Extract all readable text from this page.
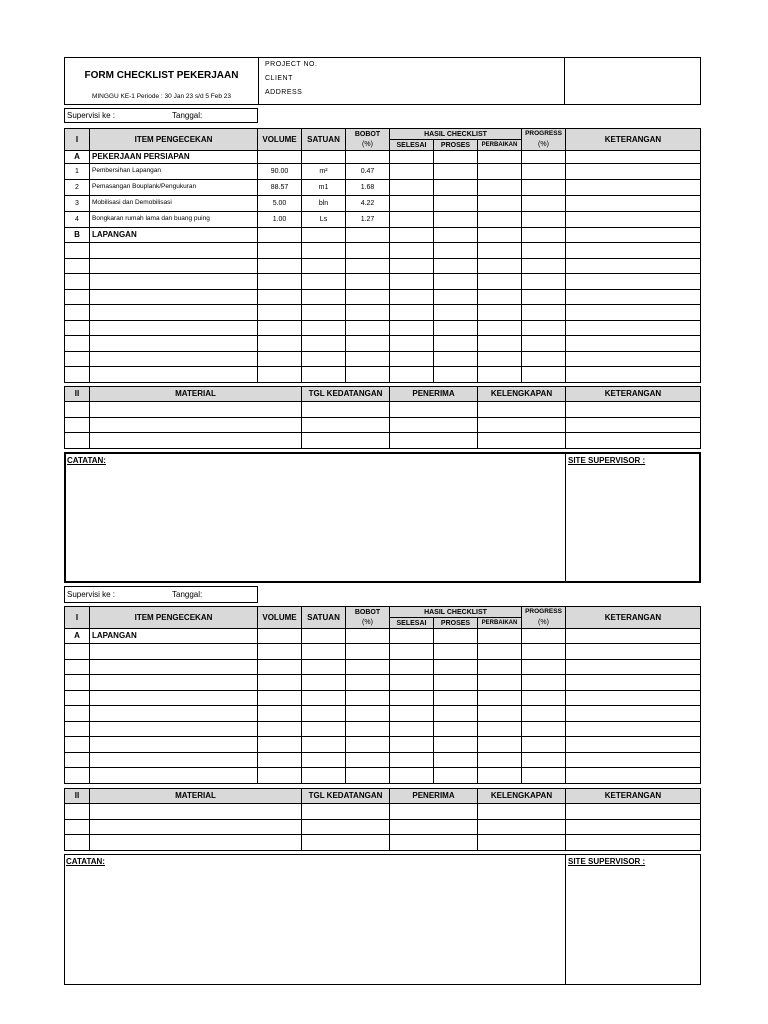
FORM CHECKLIST PEKERJAAN
MINGGU KE-1 Periode : 30 Jan 23 s/d 5 Feb 23

PROJECT NO.
CLIENT
ADDRESS

Supervisi ke :	Tanggal:
I	ITEM PENGECEKAN	VOLUME	SATUAN	BOBOT	HASIL CHECKLIST			PROGRESS	KETERANGAN
				(%)	SELESAI	PROSES	PERBAIKAN	(%)	
A	PEKERJAAN PERSIAPAN								
1	Pembersihan Lapangan	90.00	m²	0.47					
2	Pemasangan Bouplank/Pengukuran	88.57	m1	1.68					
3	Mobilisasi dan Demobilisasi	5.00	bln	4.22					
4	Bongkaran rumah lama dan buang puing	1.00	Ls	1.27					
B	LAPANGAN								

II	MATERIAL	TGL KEDATANGAN	PENERIMA	KELENGKAPAN	KETERANGAN

CATATAN:	SITE SUPERVISOR :
Supervisi ke :	Tanggal:
I	ITEM PENGECEKAN	VOLUME	SATUAN	BOBOT	HASIL CHECKLIST			PROGRESS	KETERANGAN
				(%)	SELESAI	PROSES	PERBAIKAN	(%)	
A	LAPANGAN								

II	MATERIAL	TGL KEDATANGAN	PENERIMA	KELENGKAPAN	KETERANGAN

CATATAN:	SITE SUPERVISOR :
